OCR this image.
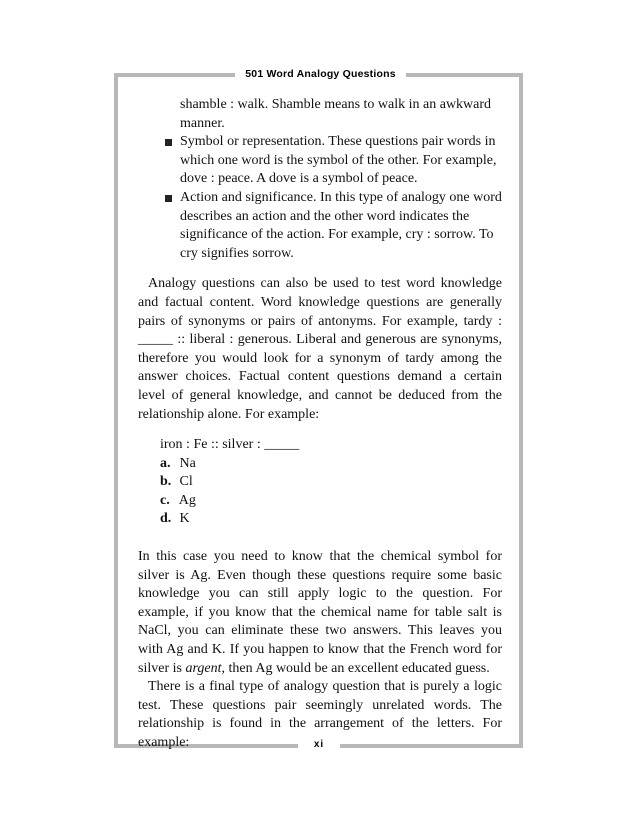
501 Word Analogy Questions
shamble : walk. Shamble means to walk in an awkward
manner.
Symbol or representation. These questions pair words in
which one word is the symbol of the other. For example,
dove : peace. A dove is a symbol of peace.
Action and significance. In this type of analogy one word
describes an action and the other word indicates the
significance of the action. For example, cry : sorrow. To
cry signifies sorrow.

Analogy questions can also be used to test word knowledge and factual content. Word knowledge questions are generally pairs of synonyms or pairs of antonyms. For example, tardy : _____ :: liberal : generous. Liberal and generous are synonyms, therefore you would look for a synonym of tardy among the answer choices. Factual content questions demand a certain level of general knowledge, and cannot be deduced from the relationship alone. For example:

iron : Fe :: silver : _____
a. Na
b. Cl
c. Ag
d. K

In this case you need to know that the chemical symbol for silver is Ag. Even though these questions require some basic knowledge you can still apply logic to the question. For example, if you know that the chemical name for table salt is NaCl, you can eliminate these two answers. This leaves you with Ag and K. If you happen to know that the French word for silver is argent, then Ag would be an excellent educated guess.

There is a final type of analogy question that is purely a logic test. These questions pair seemingly unrelated words. The relationship is found in the arrangement of the letters. For example:	xi
